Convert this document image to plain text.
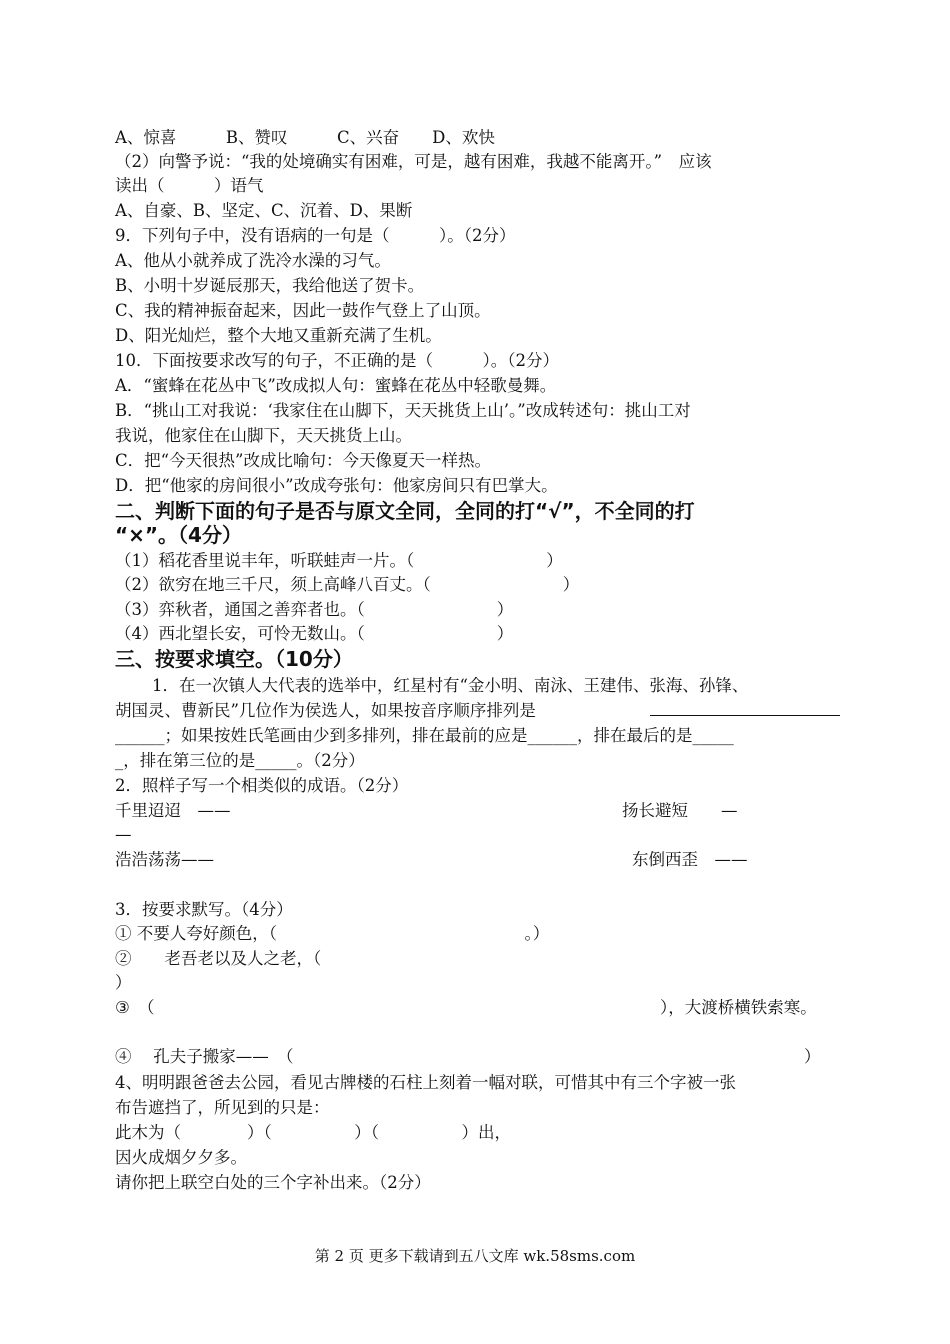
A、惊喜　　　B、赞叹　　　C、兴奋　　D、欢快
（2）向警予说：“我的处境确实有困难，可是，越有困难，我越不能离开。”　应该
读出（　　　）语气
A、自豪、B、坚定、C、沉着、D、果断
9．下列句子中，没有语病的一句是（　　　）。（2分）
A、他从小就养成了洗冷水澡的习气。
B、小明十岁诞辰那天，我给他送了贺卡。
C、我的精神振奋起来，因此一鼓作气登上了山顶。
D、阳光灿烂，整个大地又重新充满了生机。
10．下面按要求改写的句子，不正确的是（　　　）。（2分）
A．“蜜蜂在花丛中飞”改成拟人句：蜜蜂在花丛中轻歌曼舞。
B．“挑山工对我说：‘我家住在山脚下，天天挑货上山’。”改成转述句：挑山工对
我说，他家住在山脚下，天天挑货上山。
C．把“今天很热”改成比喻句：今天像夏天一样热。
D．把“他家的房间很小”改成夸张句：他家房间只有巴掌大。
二、判断下面的句子是否与原文全同，全同的打“√”，不全同的打
“×”。（4分）
（1）稻花香里说丰年，听联蛙声一片。（　　　　　　　　）
（2）欲穷在地三千尺，须上高峰八百丈。（　　　　　　　　）
（3）弈秋者，通国之善弈者也。（　　　　　　　　）
（4）西北望长安，可怜无数山。（　　　　　　　　）
三、按要求填空。（10分）
1．在一次镇人大代表的选举中，红星村有“金小明、南泳、王建伟、张海、孙锋、
胡国灵、曹新民”几位作为侯选人，如果按音序顺序排列是
______；如果按姓氏笔画由少到多排列，排在最前的应是______，排在最后的是_____
_，排在第三位的是_____。（2分）
2．照样子写一个相类似的成语。（2分）
千里迢迢　——	扬长避短　　—
—
浩浩荡荡——	东倒西歪　——
3．按要求默写。（4分）
① 不要人夸好颜色，（　　　　　　　　　　　　　　　。）
②　　老吾老以及人之老，（
）
③　（	），大渡桥横铁索寒。
④　 孔夫子搬家——　（	）
4、明明跟爸爸去公园，看见古牌楼的石柱上刻着一幅对联，可惜其中有三个字被一张
布告遮挡了，所见到的只是：
此木为（　　　　）（　　　　　）（　　　　　）出，
因火成烟夕夕多。
请你把上联空白处的三个字补出来。（2分）
第 2 页 更多下载请到五八文库 wk.58sms.com
